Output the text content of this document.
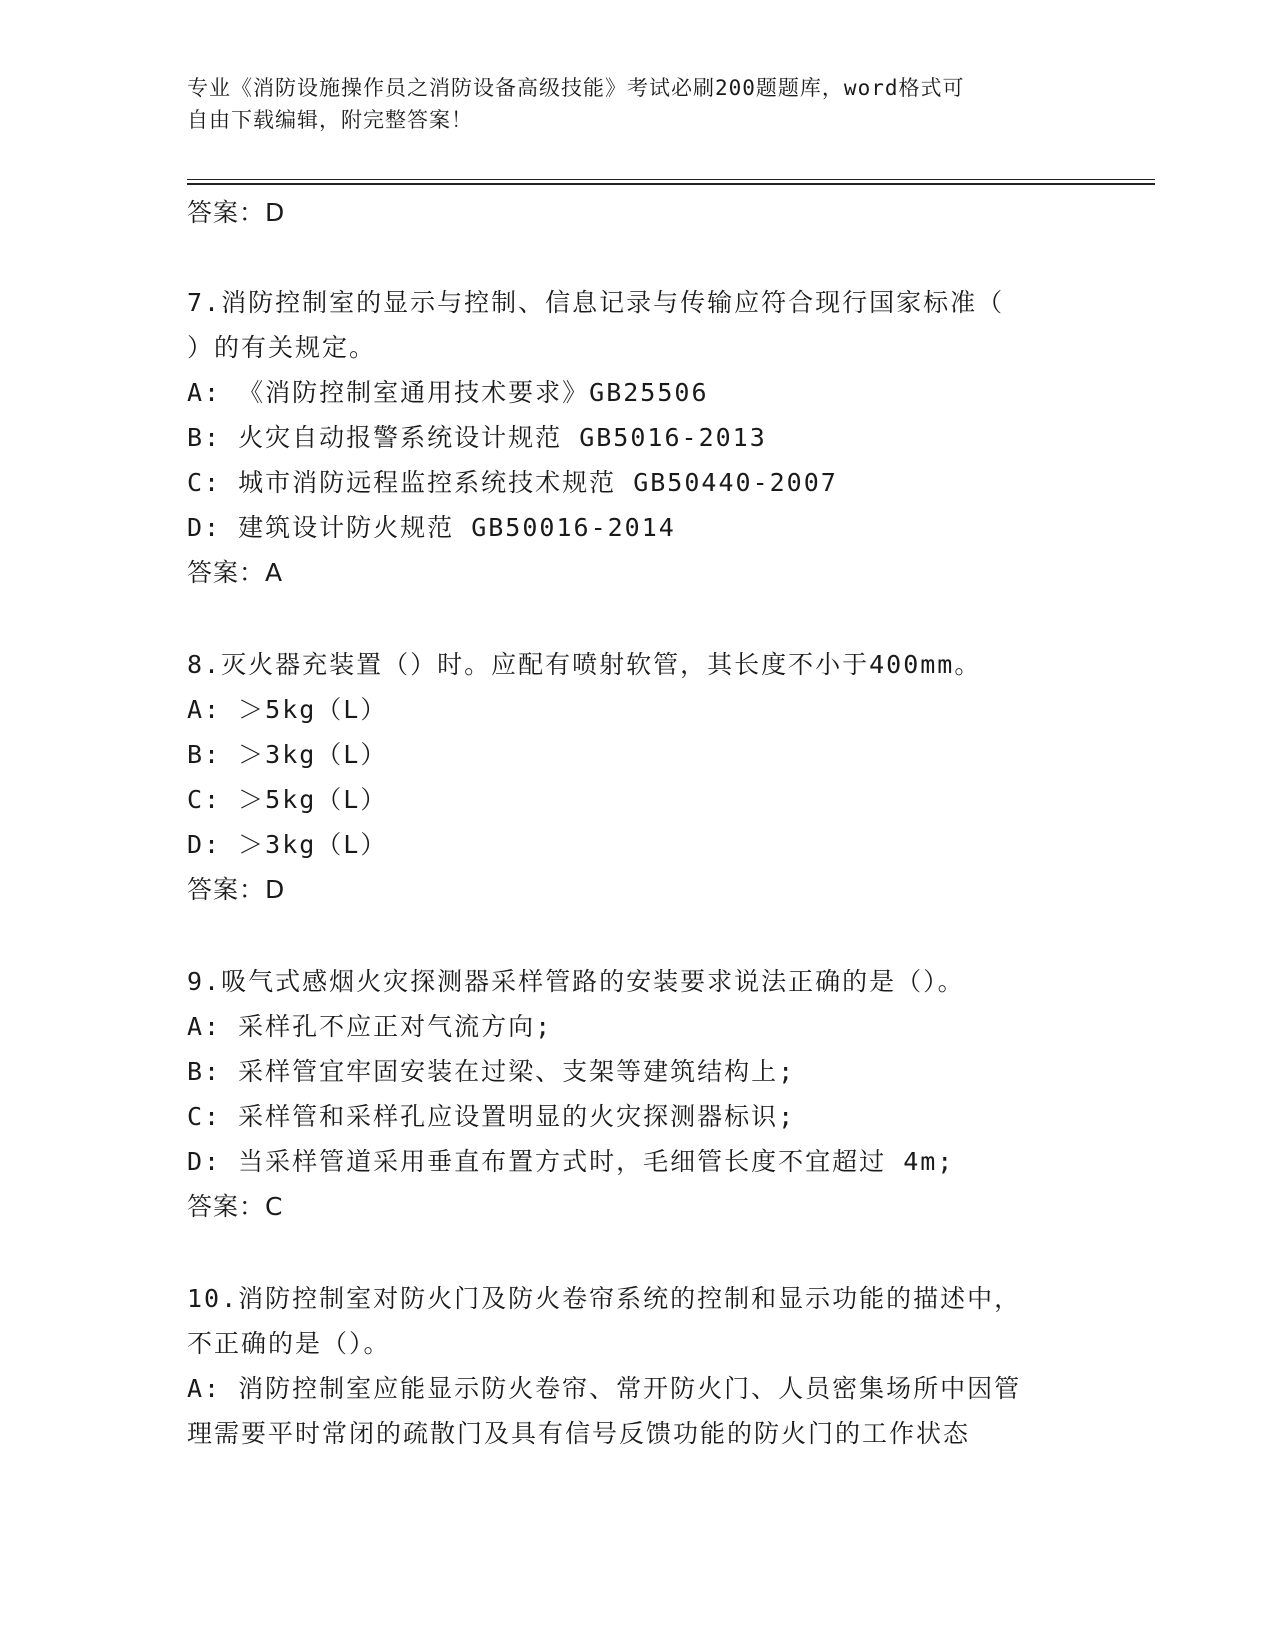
专业《消防设施操作员之消防设备高级技能》考试必刷200题题库，word格式可
自由下载编辑，附完整答案！
答案：D
7.消防控制室的显示与控制、信息记录与传输应符合现行国家标准（
）的有关规定。
A: 《消防控制室通用技术要求》GB25506
B: 火灾自动报警系统设计规范 GB5016-2013
C: 城市消防远程监控系统技术规范 GB50440-2007
D: 建筑设计防火规范 GB50016-2014
答案：A
8.灭火器充装置（）时。应配有喷射软管，其长度不小于400mm。
A: ＞5kg（L）
B: ＞3kg（L）
C: ＞5kg（L）
D: ＞3kg（L）
答案：D
9.吸气式感烟火灾探测器采样管路的安装要求说法正确的是（）。
A: 采样孔不应正对气流方向;
B: 采样管宜牢固安装在过梁、支架等建筑结构上;
C: 采样管和采样孔应设置明显的火灾探测器标识;
D: 当采样管道采用垂直布置方式时，毛细管长度不宜超过 4m;
答案：C
10.消防控制室对防火门及防火卷帘系统的控制和显示功能的描述中，
不正确的是（）。
A: 消防控制室应能显示防火卷帘、常开防火门、人员密集场所中因管
理需要平时常闭的疏散门及具有信号反馈功能的防火门的工作状态
